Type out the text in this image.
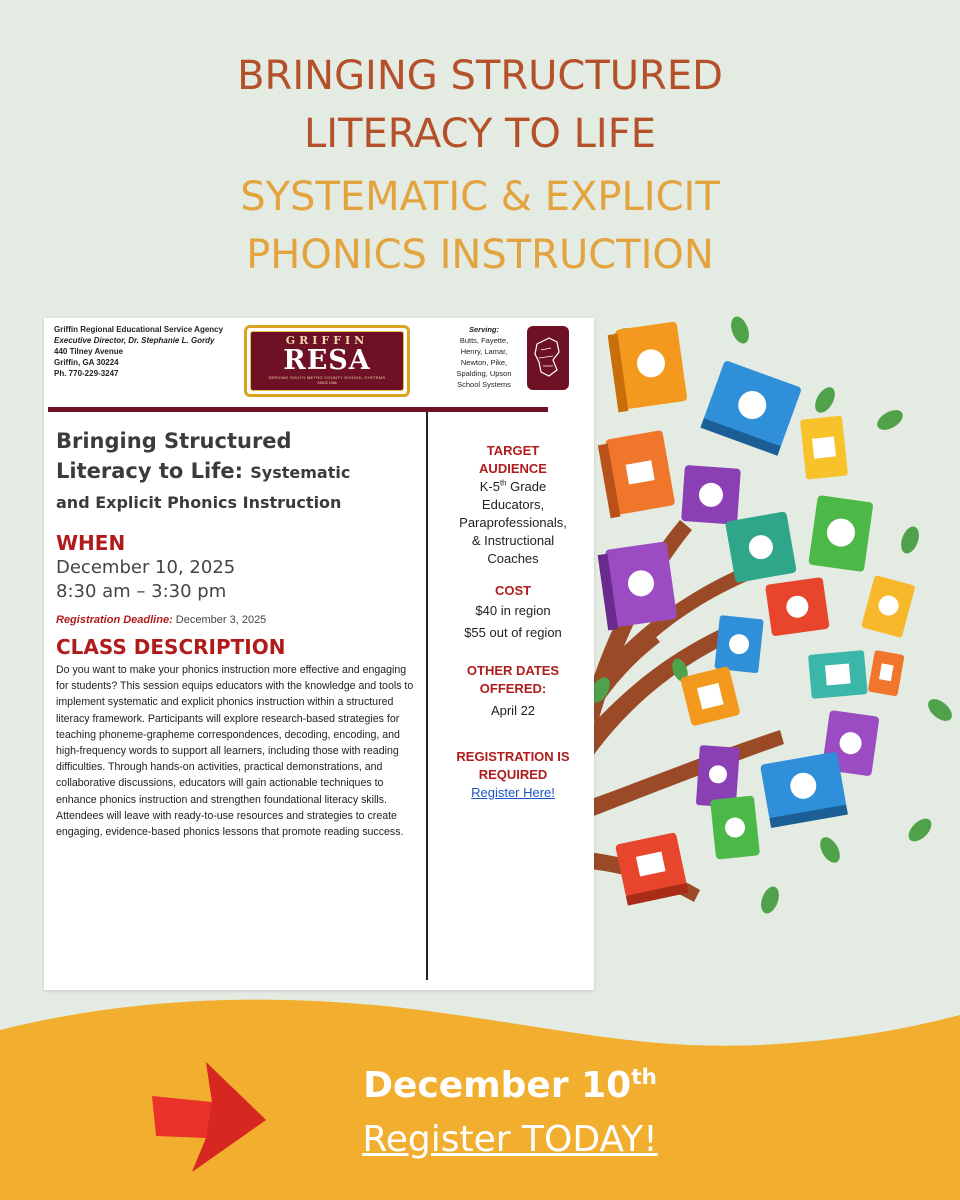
BRINGING STRUCTURED
LITERACY TO LIFE
SYSTEMATIC & EXPLICIT
PHONICS INSTRUCTION
Griffin Regional Educational Service Agency
Executive Director, Dr. Stephanie L. Gordy
440 Tilney Avenue
Griffin, GA 30224
Ph. 770-229-3247
GRIFFIN
RESA
SERVING SOUTH METRO COUNTY SCHOOL SYSTEMS
SINCE 1966
Serving:
Butts, Fayette,
Henry, Lamar,
Newton, Pike,
Spalding, Upson
School Systems
Bringing Structured
Literacy to Life: Systematic
and Explicit Phonics Instruction
WHEN
December 10, 2025
8:30 am – 3:30 pm
Registration Deadline: December 3, 2025
CLASS DESCRIPTION
Do you want to make your phonics instruction more effective and engaging for students? This session equips educators with the knowledge and tools to implement systematic and explicit phonics instruction within a structured literacy framework. Participants will explore research-based strategies for teaching phoneme-grapheme correspondences, decoding, encoding, and high-frequency words to support all learners, including those with reading difficulties. Through hands-on activities, practical demonstrations, and collaborative discussions, educators will gain actionable techniques to enhance phonics instruction and strengthen foundational literacy skills. Attendees will leave with ready-to-use resources and strategies to create engaging, evidence-based phonics lessons that promote reading success.
TARGET
AUDIENCE
K-5th Grade
Educators,
Paraprofessionals,
& Instructional
Coaches
COST
$40 in region
$55 out of region
OTHER DATES
OFFERED:
April 22
REGISTRATION IS
REQUIRED
Register Here!
December 10th
Register TODAY!
